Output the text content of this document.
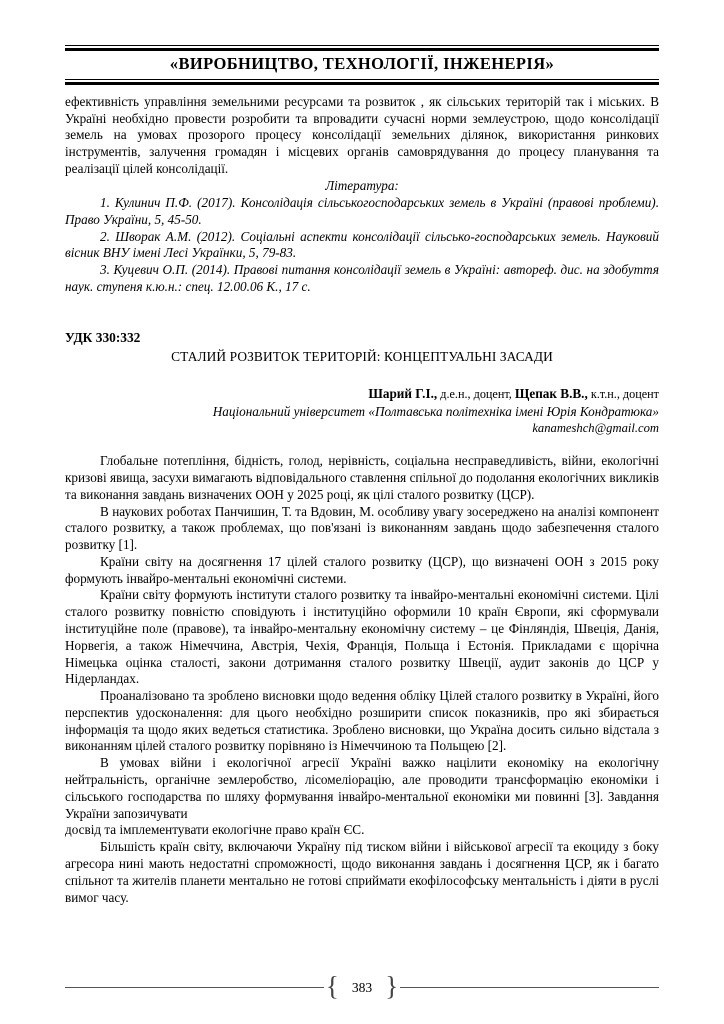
«ВИРОБНИЦТВО, ТЕХНОЛОГІЇ, ІНЖЕНЕРІЯ»

ефективність управління земельними ресурсами та розвиток , як сільських територій так і міських. В Україні необхідно провести розробити та впровадити сучасні норми землеустрою, щодо консолідації земель на умовах прозорого процесу консолідації земельних ділянок, використання ринкових інструментів, залучення громадян і місцевих органів самоврядування до процесу планування та реалізації цілей консолідації.

Література:

1. Кулинич П.Ф. (2017). Консолідація сільськогосподарських земель в Україні (правові проблеми). Право України, 5, 45-50.

2. Шворак А.М. (2012). Соціальні аспекти консолідації сільсько-господарських земель. Науковий вісник ВНУ імені Лесі Українки, 5, 79-83.

3. Куцевич О.П. (2014). Правові питання консолідації земель в Україні: автореф. дис. на здобуття наук. ступеня к.ю.н.: спец. 12.00.06 К., 17 с.

УДК 330:332

СТАЛИЙ РОЗВИТОК ТЕРИТОРІЙ: КОНЦЕПТУАЛЬНІ ЗАСАДИ

Шарий Г.І., д.е.н., доцент, Щепак В.В., к.т.н., доцент

Національний університет «Полтавська політехніка імені Юрія Кондратюка»

kanameshch@gmail.com

Глобальне потепління, бідність, голод, нерівність, соціальна несправедливість, війни, екологічні кризові явища, засухи вимагають відповідального ставлення спільної до подолання екологічних викликів та виконання завдань визначених ООН у 2025 році, як цілі сталого розвитку (ЦСР).

В наукових роботах Панчишин, Т. та Вдовин, М. особливу увагу зосереджено на аналізі компонент сталого розвитку, а також проблемах, що пов'язані із виконанням завдань щодо забезпечення сталого розвитку [1].

Країни світу на досягнення 17 цілей сталого розвитку (ЦСР), що визначені ООН з 2015 року формують інвайро-ментальні економічні системи.

Країни світу формують інститути сталого розвитку та інвайро-ментальні економічні системи. Цілі сталого розвитку повністю сповідують і інституційно оформили 10 країн Європи, які сформували інституційне поле (правове), та інвайро-ментальну економічну систему – це Фінляндія, Швеція, Данія, Норвегія, а також Німеччина, Австрія, Чехія, Франція, Польща і Естонія. Прикладами є щорічна Німецька оцінка сталості, закони дотримання сталого розвитку Швеції, аудит законів до ЦСР у Нідерландах.

Проаналізовано та зроблено висновки щодо ведення обліку Цілей сталого розвитку в Україні, його перспектив удосконалення: для цього необхідно розширити список показників, про які збирається інформація та щодо яких ведеться статистика. Зроблено висновки, що Україна досить сильно відстала з виконанням цілей сталого розвитку порівняно із Німеччиною та Польщею [2].

В умовах війни і екологічної агресії Україні важко націлити економіку на екологічну нейтральність, органічне землеробство, лісомеліорацію, але проводити трансформацію економіки і сільського господарства по шляху формування інвайро-ментальної економіки ми повинні [3]. Завдання України запозичувати

досвід та імплементувати екологічне право країн ЄС.

Більшість країн світу, включаючи Україну під тиском війни і військової агресії та екоциду з боку агресора нині мають недостатні спроможності, щодо виконання завдань і досягнення ЦСР, як і багато спільнот та жителів планети ментально не готові сприймати екофілософську ментальність і діяти в руслі вимог часу.

{ 383 }
